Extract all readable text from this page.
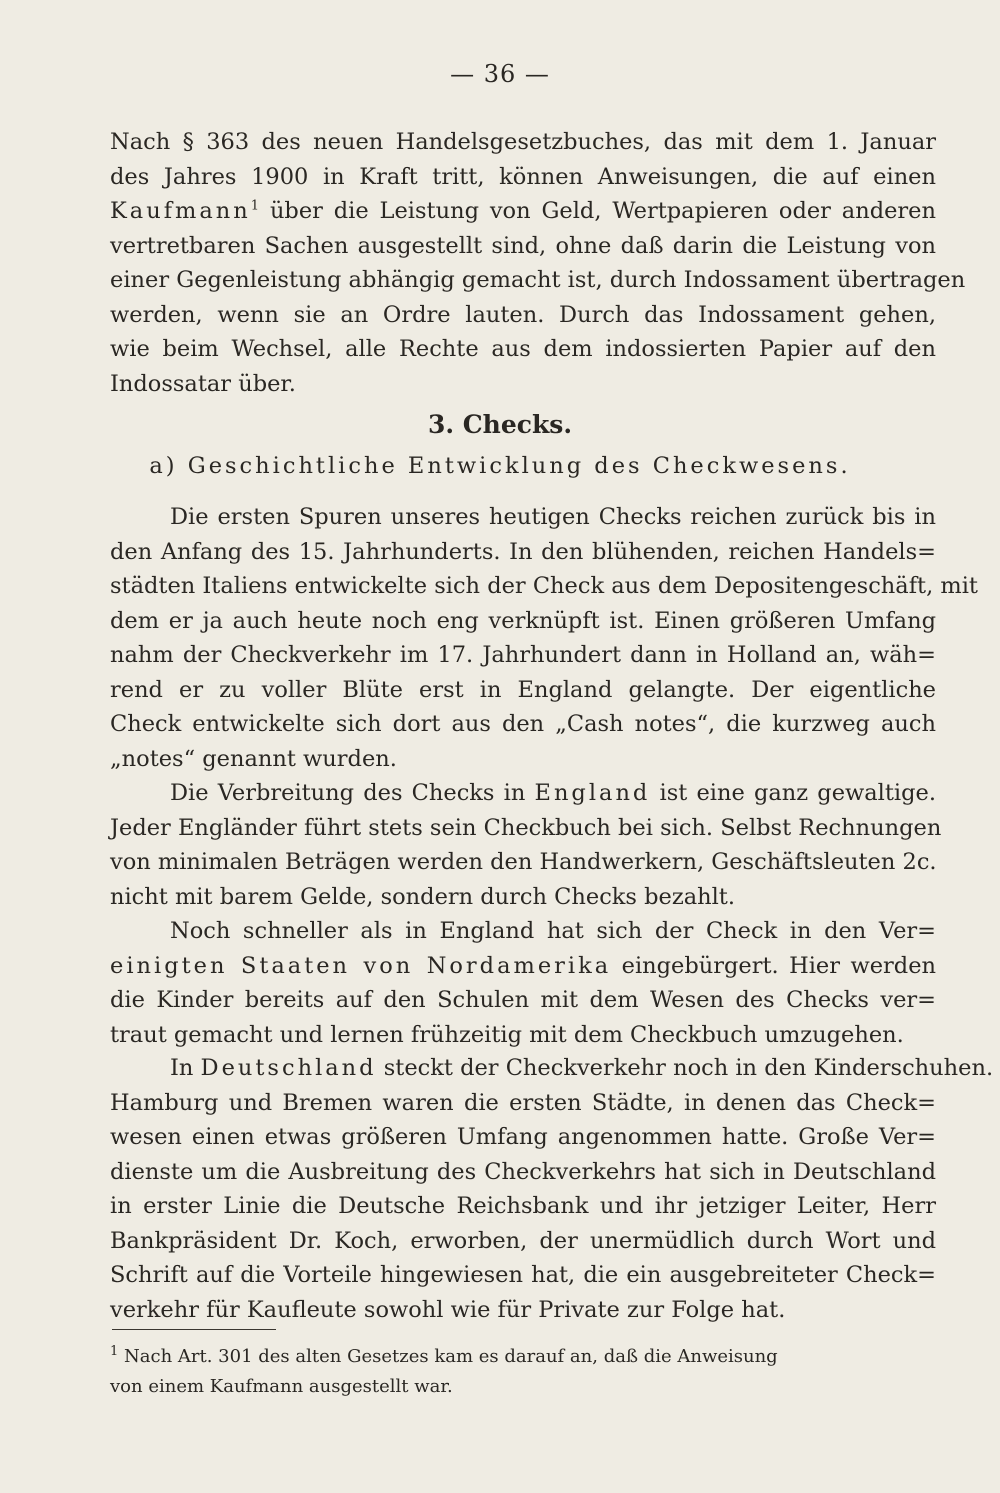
— 36 —
Nach § 363 des neuen Handelsgesetzbuches, das mit dem 1. Januar
des Jahres 1900 in Kraft tritt, können Anweisungen, die auf einen
Kaufmann$^1$ über die Leistung von Geld, Wertpapieren oder anderen
vertretbaren Sachen ausgestellt sind, ohne daß darin die Leistung von
einer Gegenleistung abhängig gemacht ist, durch Indossament übertragen
werden, wenn sie an Ordre lauten. Durch das Indossament gehen,
wie beim Wechsel, alle Rechte aus dem indossierten Papier auf den
Indossatar über.
3. Checks.
a) Geschichtliche Entwicklung des Checkwesens.
Die ersten Spuren unseres heutigen Checks reichen zurück bis in
den Anfang des 15. Jahrhunderts. In den blühenden, reichen Handels=
städten Italiens entwickelte sich der Check aus dem Depositengeschäft, mit
dem er ja auch heute noch eng verknüpft ist. Einen größeren Umfang
nahm der Checkverkehr im 17. Jahrhundert dann in Holland an, wäh=
rend er zu voller Blüte erst in England gelangte. Der eigentliche
Check entwickelte sich dort aus den „Cash notes“, die kurzweg auch
„notes“ genannt wurden.
Die Verbreitung des Checks in England ist eine ganz gewaltige.
Jeder Engländer führt stets sein Checkbuch bei sich. Selbst Rechnungen
von minimalen Beträgen werden den Handwerkern, Geschäftsleuten 2c.
nicht mit barem Gelde, sondern durch Checks bezahlt.
Noch schneller als in England hat sich der Check in den Ver=
einigten Staaten von Nordamerika eingebürgert. Hier werden
die Kinder bereits auf den Schulen mit dem Wesen des Checks ver=
traut gemacht und lernen frühzeitig mit dem Checkbuch umzugehen.
In Deutschland steckt der Checkverkehr noch in den Kinderschuhen.
Hamburg und Bremen waren die ersten Städte, in denen das Check=
wesen einen etwas größeren Umfang angenommen hatte. Große Ver=
dienste um die Ausbreitung des Checkverkehrs hat sich in Deutschland
in erster Linie die Deutsche Reichsbank und ihr jetziger Leiter, Herr
Bankpräsident Dr. Koch, erworben, der unermüdlich durch Wort und
Schrift auf die Vorteile hingewiesen hat, die ein ausgebreiteter Check=
verkehr für Kaufleute sowohl wie für Private zur Folge hat.
$^1$ Nach Art. 301 des alten Gesetzes kam es darauf an, daß die Anweisung
von einem Kaufmann ausgestellt war.
